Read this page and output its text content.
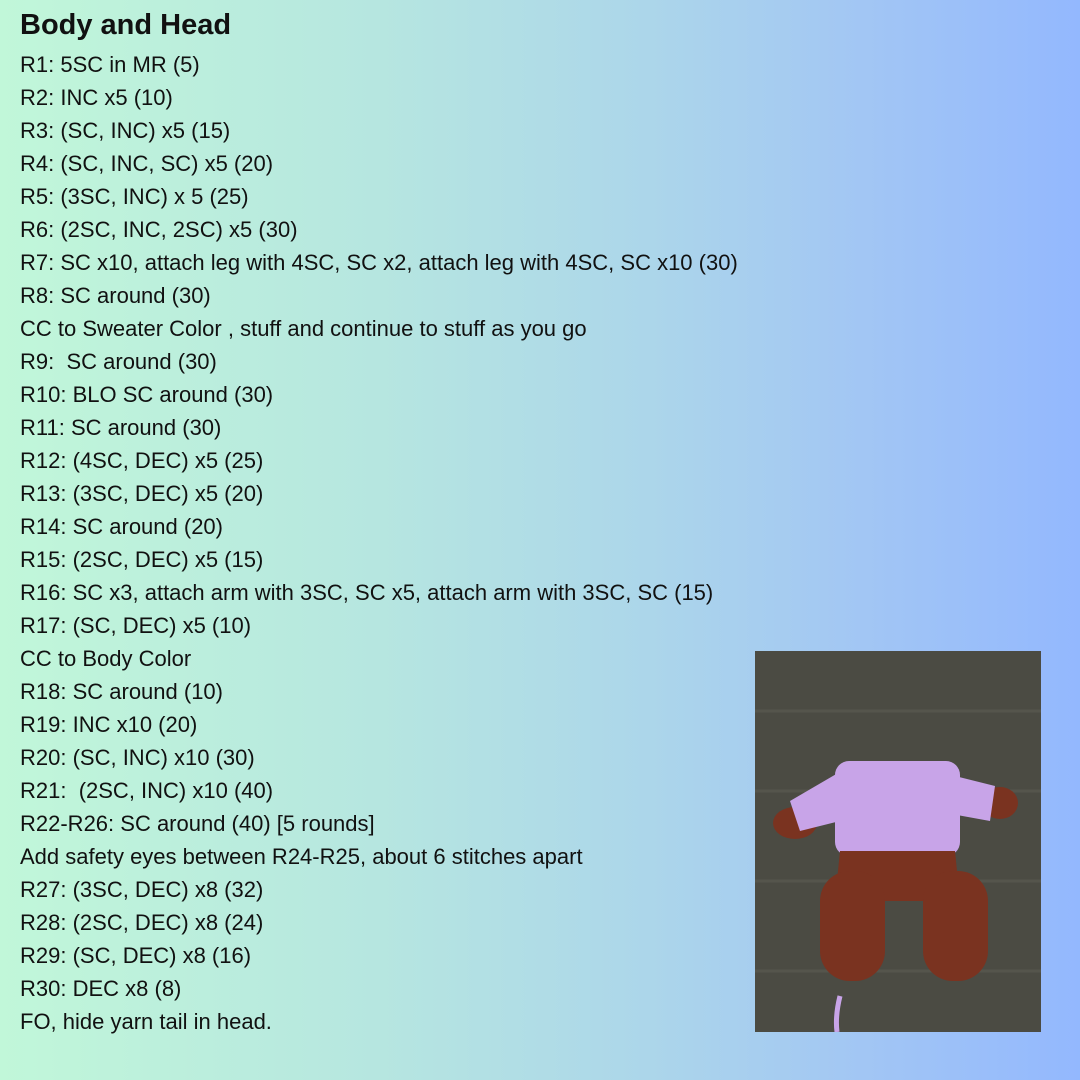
Body and Head
R1: 5SC in MR (5)
R2: INC x5 (10)
R3: (SC, INC) x5 (15)
R4: (SC, INC, SC) x5 (20)
R5: (3SC, INC) x 5 (25)
R6: (2SC, INC, 2SC) x5 (30)
R7: SC x10, attach leg with 4SC, SC x2, attach leg with 4SC, SC x10 (30)
R8: SC around (30)
CC to Sweater Color , stuff and continue to stuff as you go
R9:  SC around (30)
R10: BLO SC around (30)
R11: SC around (30)
R12: (4SC, DEC) x5 (25)
R13: (3SC, DEC) x5 (20)
R14: SC around (20)
R15: (2SC, DEC) x5 (15)
R16: SC x3, attach arm with 3SC, SC x5, attach arm with 3SC, SC (15)
R17: (SC, DEC) x5 (10)
CC to Body Color
R18: SC around (10)
R19: INC x10 (20)
R20: (SC, INC) x10 (30)
R21:  (2SC, INC) x10 (40)
R22-R26: SC around (40) [5 rounds]
Add safety eyes between R24-R25, about 6 stitches apart
R27: (3SC, DEC) x8 (32)
R28: (2SC, DEC) x8 (24)
R29: (SC, DEC) x8 (16)
R30: DEC x8 (8)
FO, hide yarn tail in head.
